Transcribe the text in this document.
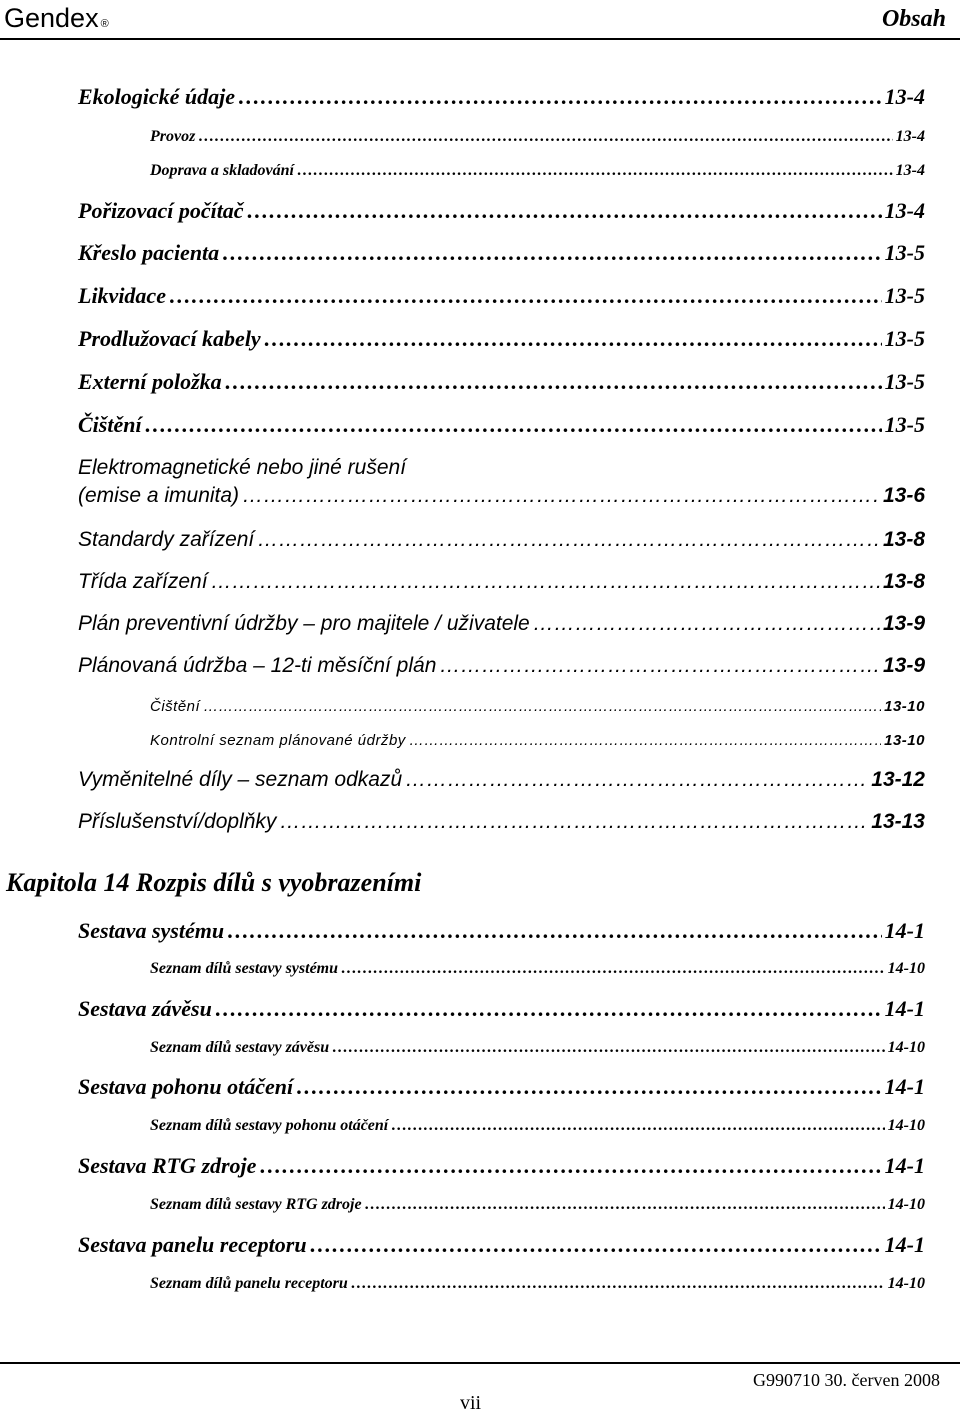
Gendex ®	Obsah
Ekologické údaje ………………………………………………………………………………………………………………………………………………………………	13-4
Provoz ………………………………………………………………………………………………………………………………………………………………	13-4
Doprava a skladování ………………………………………………………………………………………………………………………………………………………………	13-4
Pořizovací počítač ………………………………………………………………………………………………………………………………………………………………	13-4
Křeslo pacienta ………………………………………………………………………………………………………………………………………………………………	13-5
Likvidace ………………………………………………………………………………………………………………………………………………………………	13-5
Prodlužovací kabely ………………………………………………………………………………………………………………………………………………………………	13-5
Externí položka ………………………………………………………………………………………………………………………………………………………………	13-5
Čištění ………………………………………………………………………………………………………………………………………………………………	13-5
Elektromagnetické nebo jiné rušení
(emise a imunita) ………………………………………………………………………………………………………………………………………………………………	13-6
Standardy zařízení ………………………………………………………………………………………………………………………………………………………………	13-8
Třída zařízení ………………………………………………………………………………………………………………………………………………………………	13-8
Plán preventivní údržby – pro majitele / uživatele ………………………………………………………………………………………………………………………………………………………………	13-9
Plánovaná údržba – 12-ti měsíční plán ………………………………………………………………………………………………………………………………………………………………	13-9
Čištění ………………………………………………………………………………………………………………………………………………………………	13-10
Kontrolní seznam plánované údržby ………………………………………………………………………………………………………………………………………………………………	13-10
Vyměnitelné díly – seznam odkazů ………………………………………………………………………………………………………………………………………………………………	13-12
Příslušenství/doplňky ………………………………………………………………………………………………………………………………………………………………	13-13
Kapitola 14 Rozpis dílů s vyobrazeními
Sestava systému ………………………………………………………………………………………………………………………………………………………………	14-1
Seznam dílů sestavy systému ………………………………………………………………………………………………………………………………………………………………	14-10
Sestava závěsu ………………………………………………………………………………………………………………………………………………………………	14-1
Seznam dílů sestavy závěsu ………………………………………………………………………………………………………………………………………………………………	14-10
Sestava pohonu otáčení ………………………………………………………………………………………………………………………………………………………………	14-1
Seznam dílů sestavy pohonu otáčení ………………………………………………………………………………………………………………………………………………………………	14-10
Sestava RTG zdroje ………………………………………………………………………………………………………………………………………………………………	14-1
Seznam dílů sestavy RTG zdroje ………………………………………………………………………………………………………………………………………………………………	14-10
Sestava panelu receptoru ………………………………………………………………………………………………………………………………………………………………	14-1
Seznam dílů panelu receptoru ………………………………………………………………………………………………………………………………………………………………	14-10
G990710 30. červen 2008
vii
